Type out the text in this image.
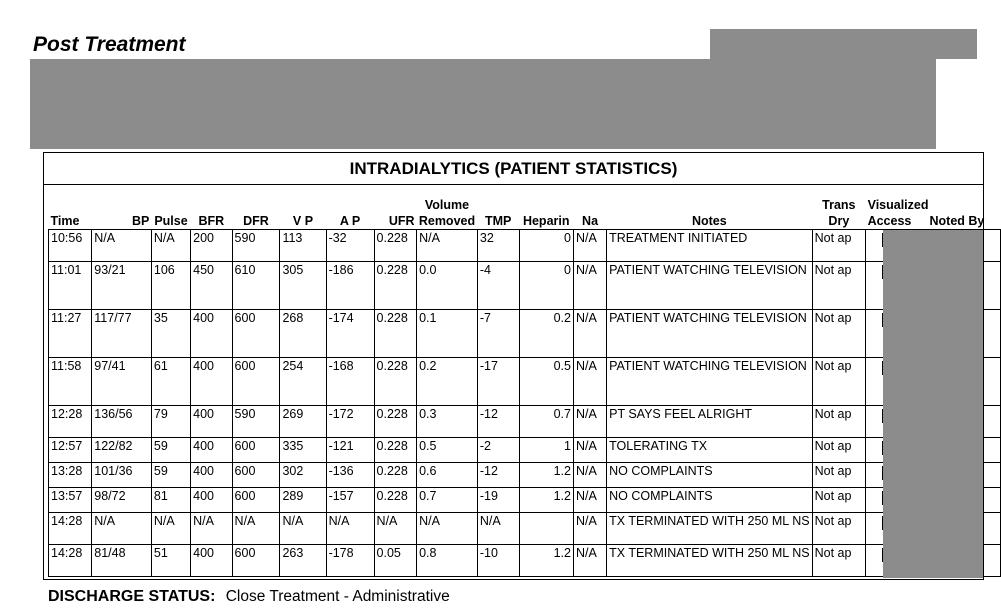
Post Treatment
INTRADIALYTICS (PATIENT STATISTICS)
								Volume					Trans	Visualized	
Time	BP	Pulse	BFR	DFR	V P	A P	UFR	Removed	TMP	Heparin	Na	Notes	Dry	Access	Noted By
10:56	N/A	N/A	200	590	113	-32	0.228	N/A	32	0	N/A	TREATMENT INITIATED	Not ap		
11:01	93/21	106	450	610	305	-186	0.228	0.0	-4	0	N/A	PATIENT WATCHING TELEVISION	Not ap		
11:27	117/77	35	400	600	268	-174	0.228	0.1	-7	0.2	N/A	PATIENT WATCHING TELEVISION	Not ap		
11:58	97/41	61	400	600	254	-168	0.228	0.2	-17	0.5	N/A	PATIENT WATCHING TELEVISION	Not ap		
12:28	136/56	79	400	590	269	-172	0.228	0.3	-12	0.7	N/A	PT SAYS FEEL ALRIGHT	Not ap		
12:57	122/82	59	400	600	335	-121	0.228	0.5	-2	1	N/A	TOLERATING TX	Not ap		
13:28	101/36	59	400	600	302	-136	0.228	0.6	-12	1.2	N/A	NO COMPLAINTS	Not ap		
13:57	98/72	81	400	600	289	-157	0.228	0.7	-19	1.2	N/A	NO COMPLAINTS	Not ap		
14:28	N/A	N/A	N/A	N/A	N/A	N/A	N/A	N/A	N/A		N/A	TX TERMINATED WITH 250 ML NS	Not ap		
14:28	81/48	51	400	600	263	-178	0.05	0.8	-10	1.2	N/A	TX TERMINATED WITH 250 ML NS	Not ap		
DISCHARGE STATUS: Close Treatment - Administrative
